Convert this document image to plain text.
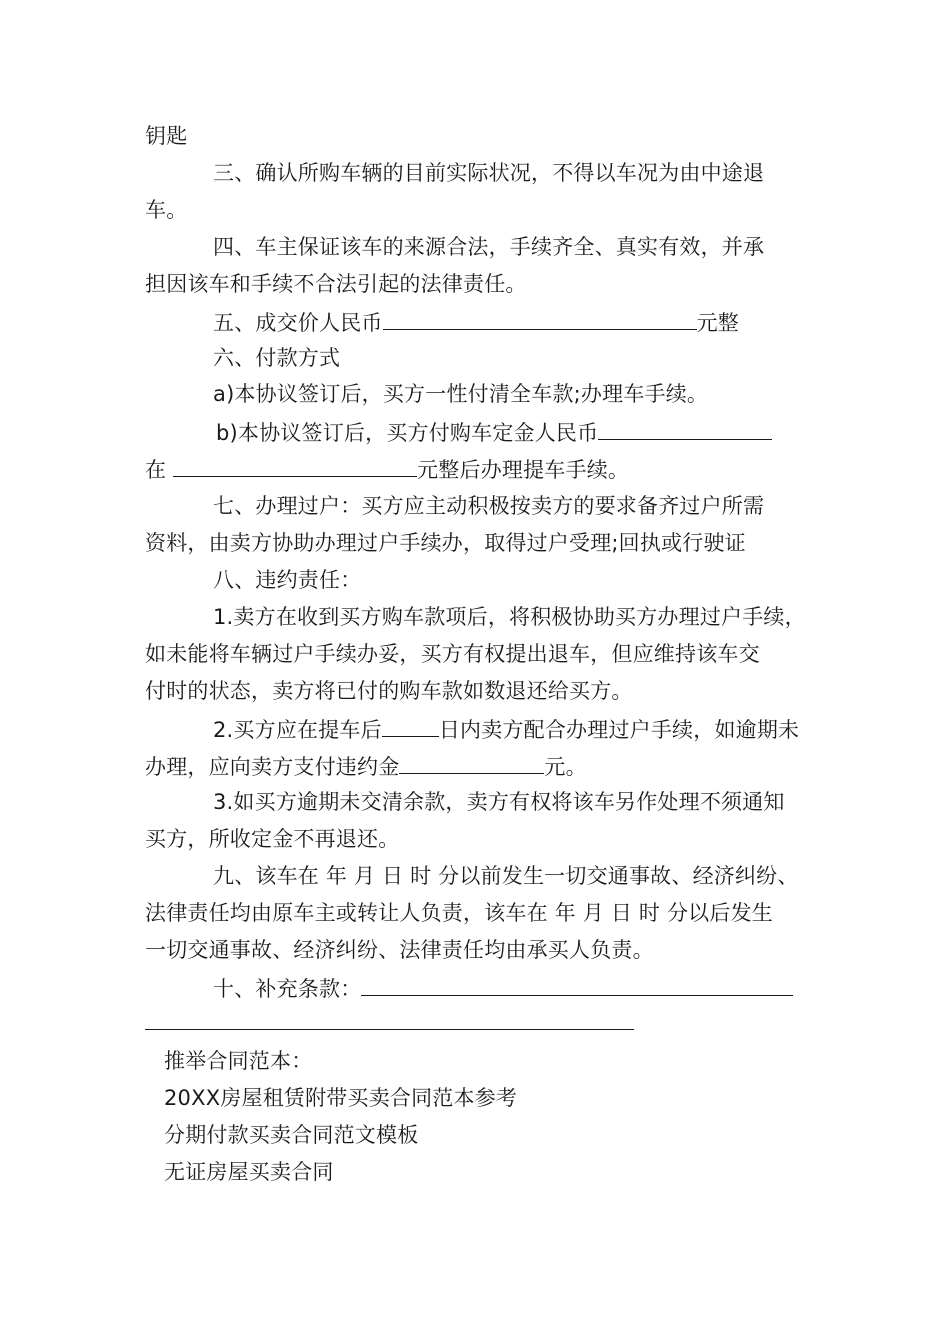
钥匙
三、确认所购车辆的目前实际状况，不得以车况为由中途退
车。
四、车主保证该车的来源合法，手续齐全、真实有效，并承
担因该车和手续不合法引起的法律责任。
五、成交价人民币	元整
六、付款方式
a)本协议签订后，买方一性付清全车款;办理车手续。
b)本协议签订后，买方付购车定金人民币
在	元整后办理提车手续。
七、办理过户：买方应主动积极按卖方的要求备齐过户所需
资料，由卖方协助办理过户手续办，取得过户受理;回执或行驶证
八、违约责任：
1.卖方在收到买方购车款项后，将积极协助买方办理过户手续，
如未能将车辆过户手续办妥，买方有权提出退车，但应维持该车交
付时的状态，卖方将已付的购车款如数退还给买方。
2.买方应在提车后	日内卖方配合办理过户手续，如逾期未
办理，应向卖方支付违约金	元。
3.如买方逾期未交清余款，卖方有权将该车另作处理不须通知
买方，所收定金不再退还。
九、该车在 年 月 日 时 分以前发生一切交通事故、经济纠纷、
法律责任均由原车主或转让人负责，该车在 年 月 日 时 分以后发生
一切交通事故、经济纠纷、法律责任均由承买人负责。
十、补充条款：
推举合同范本：
20XX房屋租赁附带买卖合同范本参考
分期付款买卖合同范文模板
无证房屋买卖合同
